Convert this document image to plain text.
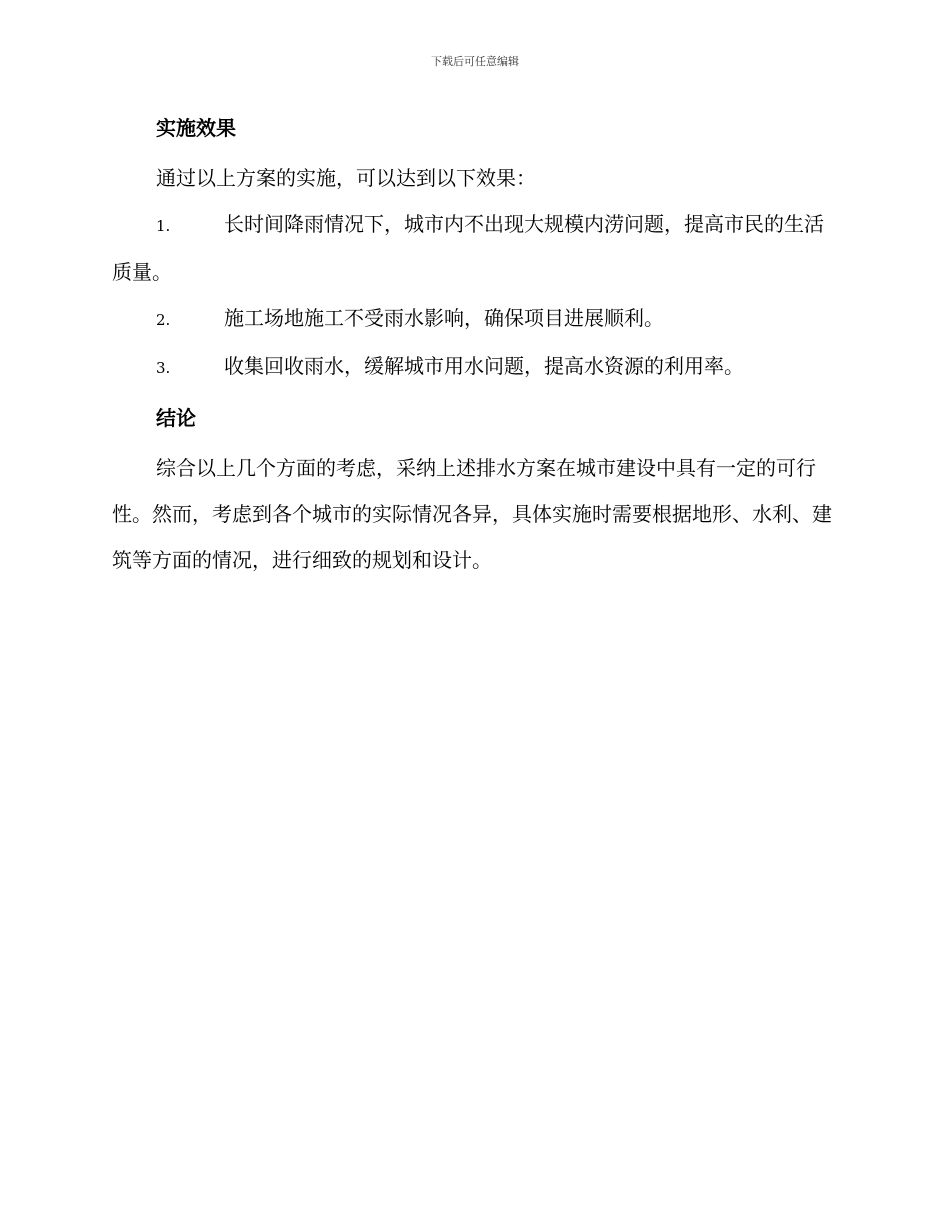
下载后可任意编辑
实施效果

通过以上方案的实施，可以达到以下效果：

1.	长时间降雨情况下，城市内不出现大规模内涝问题，提高市民的生活质量。

2.	施工场地施工不受雨水影响，确保项目进展顺利。

3.	收集回收雨水，缓解城市用水问题，提高水资源的利用率。

结论

综合以上几个方面的考虑，采纳上述排水方案在城市建设中具有一定的可行性。然而，考虑到各个城市的实际情况各异，具体实施时需要根据地形、水利、建筑等方面的情况，进行细致的规划和设计。
